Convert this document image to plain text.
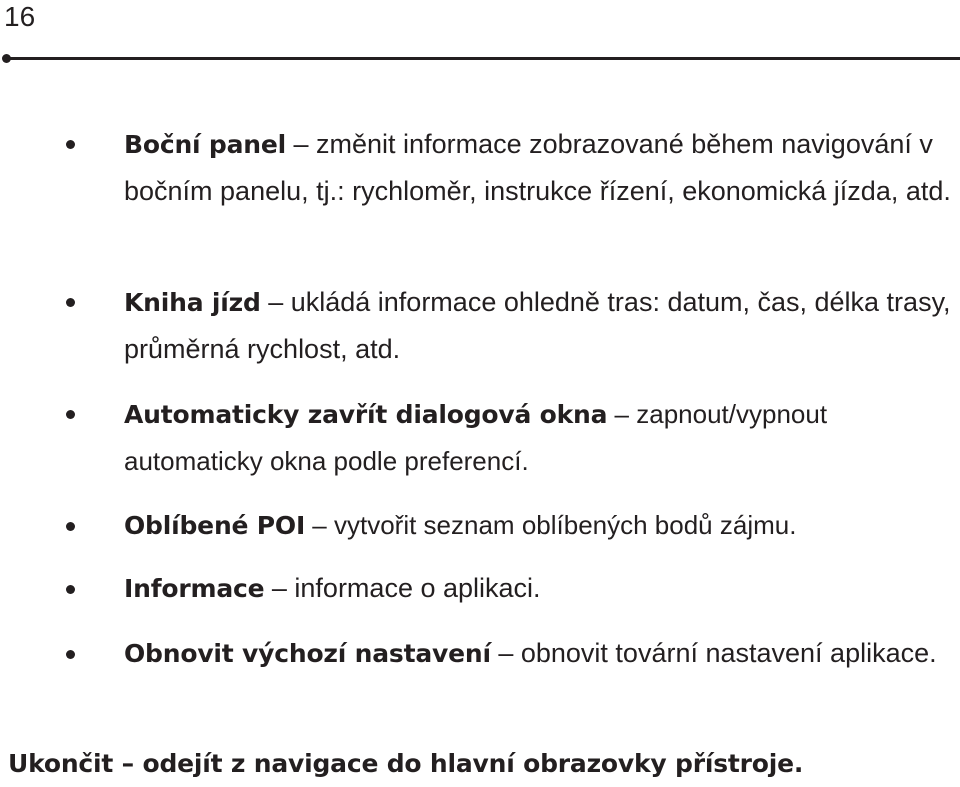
16
Boční panel – změnit informace zobrazované během navigování v bočním panelu, tj.: rychloměr, instrukce řízení, ekonomická jízda, atd.
Kniha jízd – ukládá informace ohledně tras: datum, čas, délka trasy, průměrná rychlost, atd.
Automaticky zavřít dialogová okna – zapnout/vypnout automaticky okna podle preferencí.
Oblíbené POI – vytvořit seznam oblíbených bodů zájmu.
Informace – informace o aplikaci.
Obnovit výchozí nastavení – obnovit tovární nastavení aplikace.
Ukončit – odejít z navigace do hlavní obrazovky přístroje.
